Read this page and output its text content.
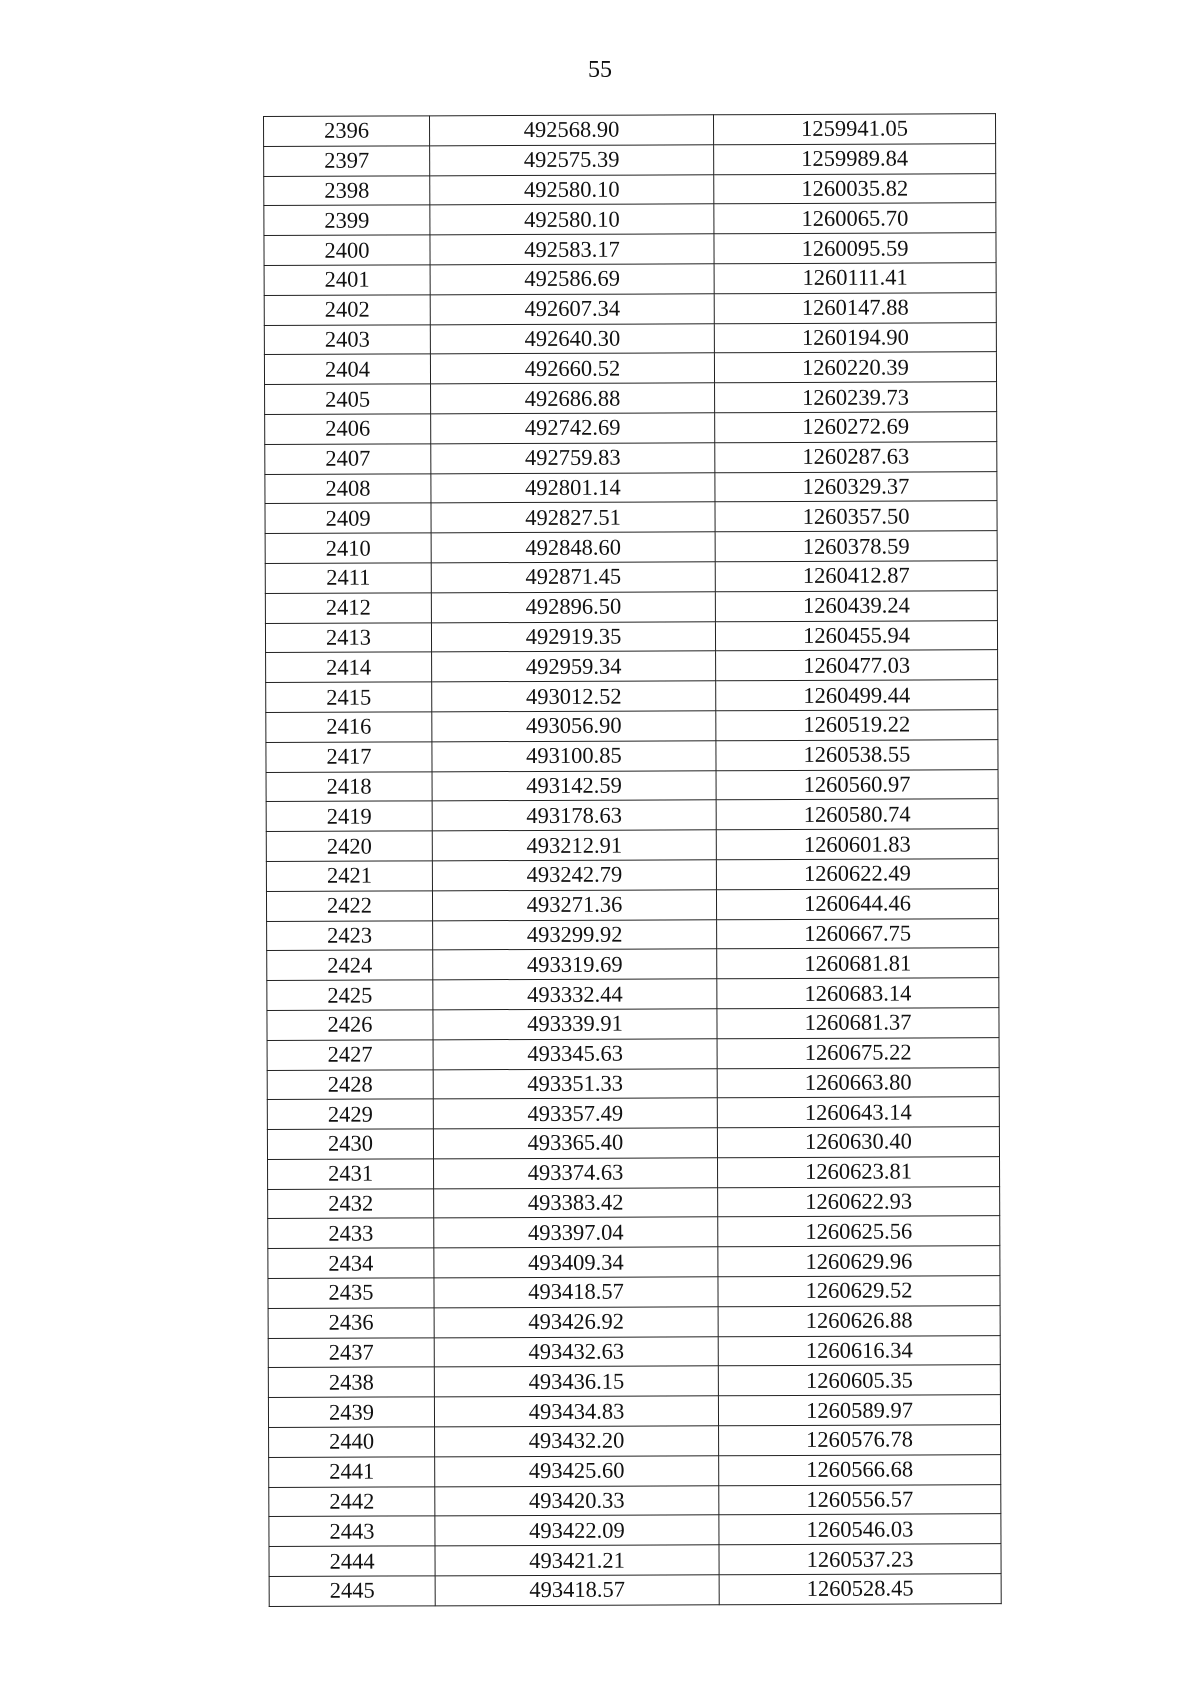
55
2396	492568.90	1259941.05
2397	492575.39	1259989.84
2398	492580.10	1260035.82
2399	492580.10	1260065.70
2400	492583.17	1260095.59
2401	492586.69	1260111.41
2402	492607.34	1260147.88
2403	492640.30	1260194.90
2404	492660.52	1260220.39
2405	492686.88	1260239.73
2406	492742.69	1260272.69
2407	492759.83	1260287.63
2408	492801.14	1260329.37
2409	492827.51	1260357.50
2410	492848.60	1260378.59
2411	492871.45	1260412.87
2412	492896.50	1260439.24
2413	492919.35	1260455.94
2414	492959.34	1260477.03
2415	493012.52	1260499.44
2416	493056.90	1260519.22
2417	493100.85	1260538.55
2418	493142.59	1260560.97
2419	493178.63	1260580.74
2420	493212.91	1260601.83
2421	493242.79	1260622.49
2422	493271.36	1260644.46
2423	493299.92	1260667.75
2424	493319.69	1260681.81
2425	493332.44	1260683.14
2426	493339.91	1260681.37
2427	493345.63	1260675.22
2428	493351.33	1260663.80
2429	493357.49	1260643.14
2430	493365.40	1260630.40
2431	493374.63	1260623.81
2432	493383.42	1260622.93
2433	493397.04	1260625.56
2434	493409.34	1260629.96
2435	493418.57	1260629.52
2436	493426.92	1260626.88
2437	493432.63	1260616.34
2438	493436.15	1260605.35
2439	493434.83	1260589.97
2440	493432.20	1260576.78
2441	493425.60	1260566.68
2442	493420.33	1260556.57
2443	493422.09	1260546.03
2444	493421.21	1260537.23
2445	493418.57	1260528.45
